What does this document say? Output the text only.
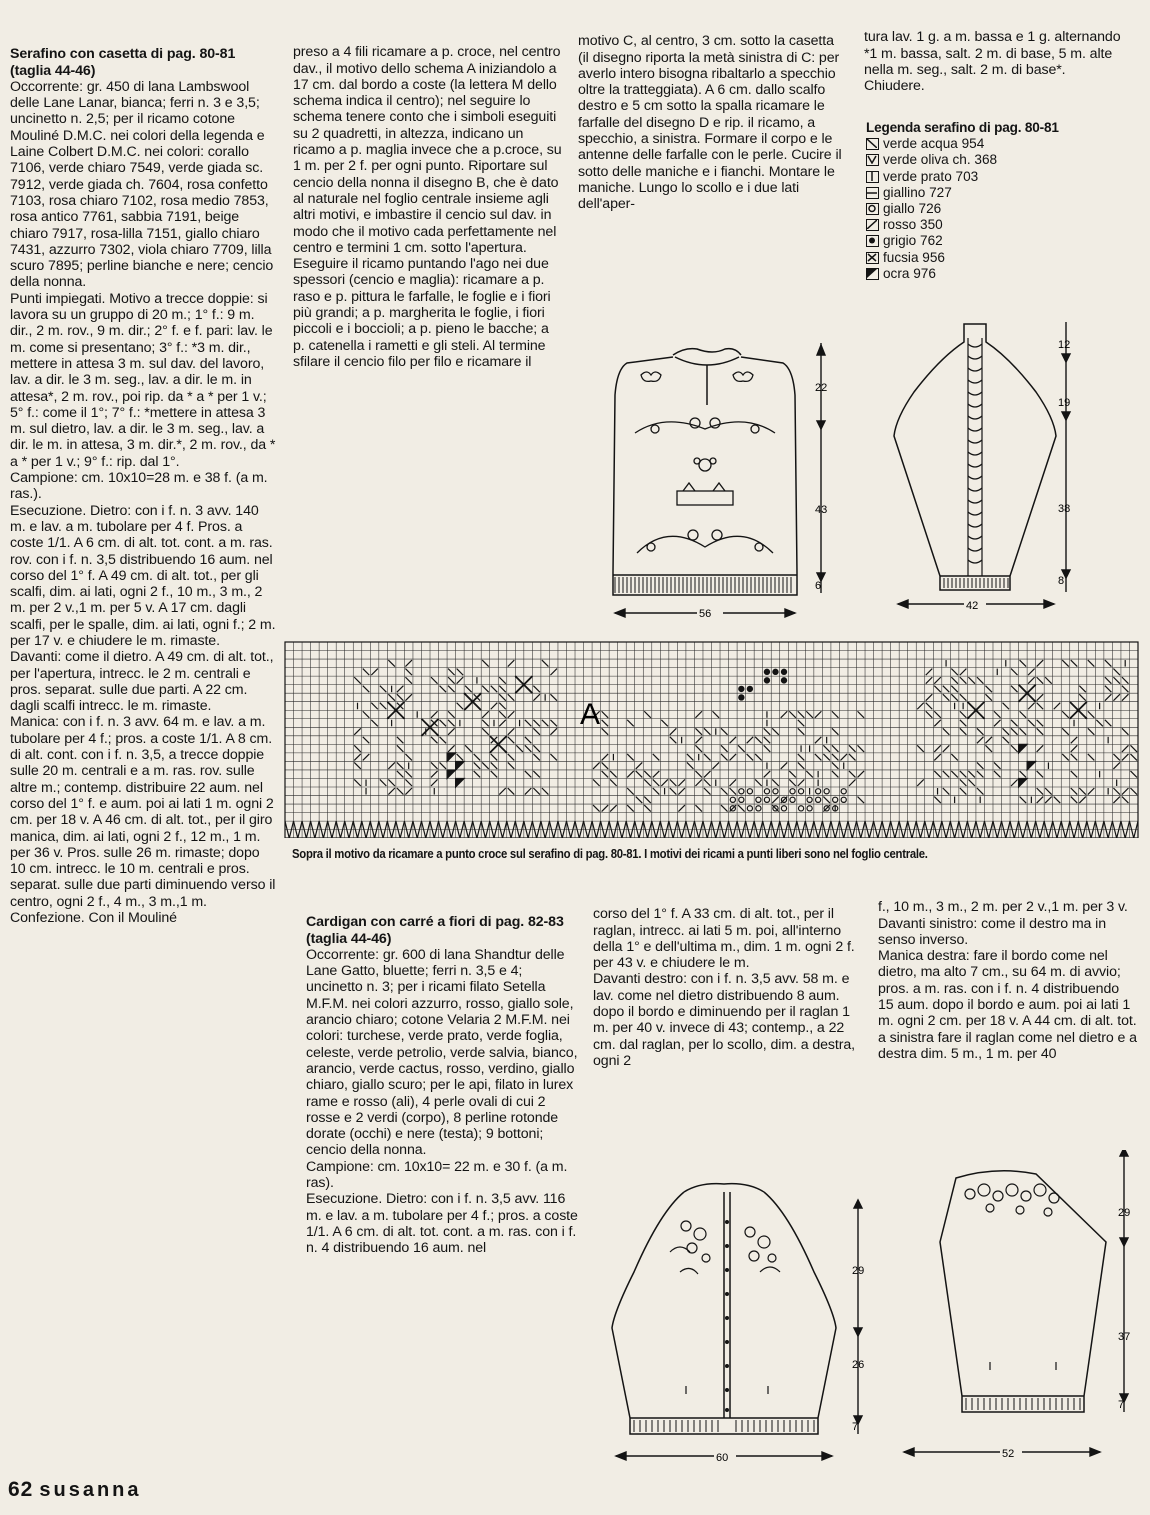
Serafino con casetta di pag. 80-81 (taglia 44-46)
Occorrente: gr. 450 di lana Lambswool delle Lane Lanar, bianca; ferri n. 3 e 3,5; uncinetto n. 2,5; per il ricamo cotone Mouliné D.M.C. nei colori della legenda e Laine Colbert D.M.C. nei colori: corallo 7106, verde chiaro 7549, verde giada sc. 7912, verde giada ch. 7604, rosa confetto 7103, rosa chiaro 7102, rosa medio 7853, rosa antico 7761, sabbia 7191, beige chiaro 7917, rosa-lilla 7151, giallo chiaro 7431, azzurro 7302, viola chiaro 7709, lilla scuro 7895; perline bianche e nere; cencio della nonna.
Punti impiegati. Motivo a trecce doppie: si lavora su un gruppo di 20 m.; 1° f.: 9 m. dir., 2 m. rov., 9 m. dir.; 2° f. e f. pari: lav. le m. come si presentano; 3° f.: *3 m. dir., mettere in attesa 3 m. sul dav. del lavoro, lav. a dir. le 3 m. seg., lav. a dir. le m. in attesa*, 2 m. rov., poi rip. da * a * per 1 v.; 5° f.: come il 1°; 7° f.: *mettere in attesa 3 m. sul dietro, lav. a dir. le 3 m. seg., lav. a dir. le m. in attesa, 3 m. dir.*, 2 m. rov., da * a * per 1 v.; 9° f.: rip. dal 1°.
Campione: cm. 10x10=28 m. e 38 f. (a m. ras.).
Esecuzione. Dietro: con i f. n. 3 avv. 140 m. e lav. a m. tubolare per 4 f. Pros. a coste 1/1. A 6 cm. di alt. tot. cont. a m. ras. rov. con i f. n. 3,5 distribuendo 16 aum. nel corso del 1° f. A 49 cm. di alt. tot., per gli scalfi, dim. ai lati, ogni 2 f., 10 m., 3 m., 2 m. per 2 v.,1 m. per 5 v. A 17 cm. dagli scalfi, per le spalle, dim. ai lati, ogni f.; 2 m. per 17 v. e chiudere le m. rimaste.
Davanti: come il dietro. A 49 cm. di alt. tot., per l'apertura, intrecc. le 2 m. centrali e pros. separat. sulle due parti. A 22 cm. dagli scalfi intrecc. le m. rimaste.
Manica: con i f. n. 3 avv. 64 m. e lav. a m. tubolare per 4 f.; pros. a coste 1/1. A 8 cm. di alt. cont. con i f. n. 3,5, a trecce doppie sulle 20 m. centrali e a m. ras. rov. sulle altre m.; contemp. distribuire 22 aum. nel corso del 1° f. e aum. poi ai lati 1 m. ogni 2 cm. per 18 v. A 46 cm. di alt. tot., per il giro manica, dim. ai lati, ogni 2 f., 12 m., 1 m. per 36 v. Pros. sulle 26 m. rimaste; dopo 10 cm. intrecc. le 10 m. centrali e pros. separat. sulle due parti diminuendo verso il centro, ogni 2 f., 4 m., 3 m.,1 m.
Confezione. Con il Mouliné

preso a 4 fili ricamare a p. croce, nel centro dav., il motivo dello schema A iniziandolo a 17 cm. dal bordo a coste (la lettera M dello schema indica il centro); nel seguire lo schema tenere conto che i simboli eseguiti su 2 quadretti, in altezza, indicano un ricamo a p. maglia invece che a p.croce, su 1 m. per 2 f. per ogni punto. Riportare sul cencio della nonna il disegno B, che è dato al naturale nel foglio centrale insieme agli altri motivi, e imbastire il cencio sul dav. in modo che il motivo cada perfettamente nel centro e termini 1 cm. sotto l'apertura. Eseguire il ricamo puntando l'ago nei due spessori (cencio e maglia): ricamare a p. raso e p. pittura le farfalle, le foglie e i fiori più grandi; a p. margherita le foglie, i fiori piccoli e i boccioli; a p. pieno le bacche; a p. catenella i rametti e gli steli. Al termine sfilare il cencio filo per filo e ricamare il

motivo C, al centro, 3 cm. sotto la casetta (il disegno riporta la metà sinistra di C: per averlo intero bisogna ribaltarlo a specchio oltre la tratteggiata). A 6 cm. dallo scalfo destro e 5 cm sotto la spalla ricamare le farfalle del disegno D e rip. il ricamo, a specchio, a sinistra. Formare il corpo e le antenne delle farfalle con le perle. Cucire il sotto delle maniche e i fianchi. Montare le maniche. Lungo lo scollo e i due lati dell'aper-

tura lav. 1 g. a m. bassa e 1 g. alternando *1 m. bassa, salt. 2 m. di base, 5 m. alte nella m. seg., salt. 2 m. di base*. Chiudere.

Cardigan con carré a fiori di pag. 82-83 (taglia 44-46)
Occorrente: gr. 600 di lana Shandtur delle Lane Gatto, bluette; ferri n. 3,5 e 4; uncinetto n. 3; per i ricami filato Setella M.F.M. nei colori azzurro, rosso, giallo sole, arancio chiaro; cotone Velaria 2 M.F.M. nei colori: turchese, verde prato, verde foglia, celeste, verde petrolio, verde salvia, bianco, arancio, verde cactus, rosso, verdino, giallo chiaro, giallo scuro; per le api, filato in lurex rame e rosso (ali), 4 perle ovali di cui 2 rosse e 2 verdi (corpo), 8 perline rotonde dorate (occhi) e nere (testa); 9 bottoni; cencio della nonna.
Campione: cm. 10x10= 22 m. e 30 f. (a m. ras).
Esecuzione. Dietro: con i f. n. 3,5 avv. 116 m. e lav. a m. tubolare per 4 f.; pros. a coste 1/1. A 6 cm. di alt. tot. cont. a m. ras. con i f. n. 4 distribuendo 16 aum. nel

corso del 1° f. A 33 cm. di alt. tot., per il raglan, intrecc. ai lati 5 m. poi, all'interno della 1° e dell'ultima m., dim. 1 m. ogni 2 f. per 43 v. e chiudere le m.
Davanti destro: con i f. n. 3,5 avv. 58 m. e lav. come nel dietro distribuendo 8 aum. dopo il bordo e diminuendo per il raglan 1 m. per 40 v. invece di 43; contemp., a 22 cm. dal raglan, per lo scollo, dim. a destra, ogni 2

f., 10 m., 3 m., 2 m. per 2 v.,1 m. per 3 v.
Davanti sinistro: come il destro ma in senso inverso.
Manica destra: fare il bordo come nel dietro, ma alto 7 cm., su 64 m. di avvio; pros. a m. ras. con i f. n. 4 distribuendo 15 aum. dopo il bordo e aum. poi ai lati 1 m. ogni 2 cm. per 18 v. A 44 cm. di alt. tot. a sinistra fare il raglan come nel dietro e a destra dim. 5 m., 1 m. per 40

Legenda serafino di pag. 80-81
verde acqua 954
verde oliva ch. 368
verde prato 703
giallino 727
giallo 726
rosso 350
grigio 762
fucsia 956
ocra 976
22
43
6
56
12
19
38
8
42
A
Sopra il motivo da ricamare a punto croce sul serafino di pag. 80-81. I motivi dei ricami a punti liberi sono nel foglio centrale.
29
26
7
60
29
37
7
52
62 susanna
